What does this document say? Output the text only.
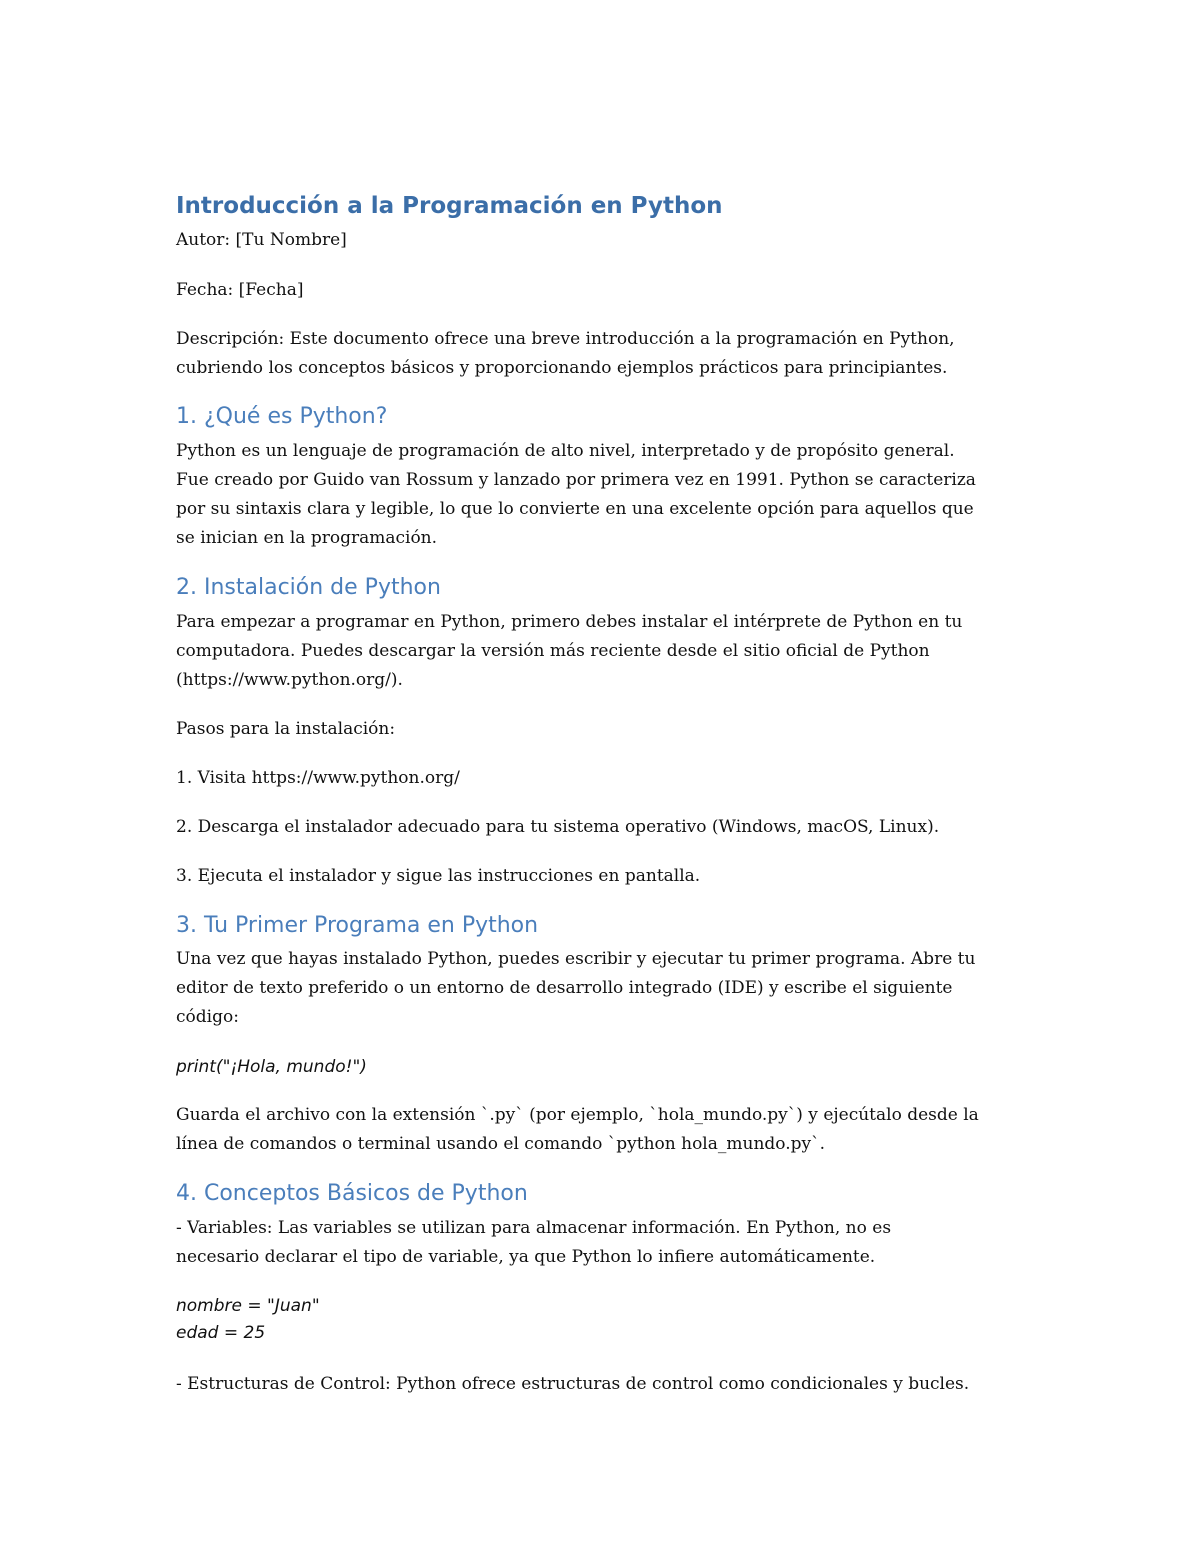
Introducción a la Programación en Python

Autor: [Tu Nombre]

Fecha: [Fecha]

Descripción: Este documento ofrece una breve introducción a la programación en Python,

cubriendo los conceptos básicos y proporcionando ejemplos prácticos para principiantes.

1. ¿Qué es Python?

Python es un lenguaje de programación de alto nivel, interpretado y de propósito general.

Fue creado por Guido van Rossum y lanzado por primera vez en 1991. Python se caracteriza

por su sintaxis clara y legible, lo que lo convierte en una excelente opción para aquellos que

se inician en la programación.

2. Instalación de Python

Para empezar a programar en Python, primero debes instalar el intérprete de Python en tu

computadora. Puedes descargar la versión más reciente desde el sitio oficial de Python

(https://www.python.org/).

Pasos para la instalación:

1. Visita https://www.python.org/

2. Descarga el instalador adecuado para tu sistema operativo (Windows, macOS, Linux).

3. Ejecuta el instalador y sigue las instrucciones en pantalla.

3. Tu Primer Programa en Python

Una vez que hayas instalado Python, puedes escribir y ejecutar tu primer programa. Abre tu

editor de texto preferido o un entorno de desarrollo integrado (IDE) y escribe el siguiente

código:

print("¡Hola, mundo!")

Guarda el archivo con la extensión `.py` (por ejemplo, `hola_mundo.py`) y ejecútalo desde la

línea de comandos o terminal usando el comando `python hola_mundo.py`.

4. Conceptos Básicos de Python

- Variables: Las variables se utilizan para almacenar información. En Python, no es

necesario declarar el tipo de variable, ya que Python lo infiere automáticamente.

nombre = "Juan"

edad = 25

- Estructuras de Control: Python ofrece estructuras de control como condicionales y bucles.
